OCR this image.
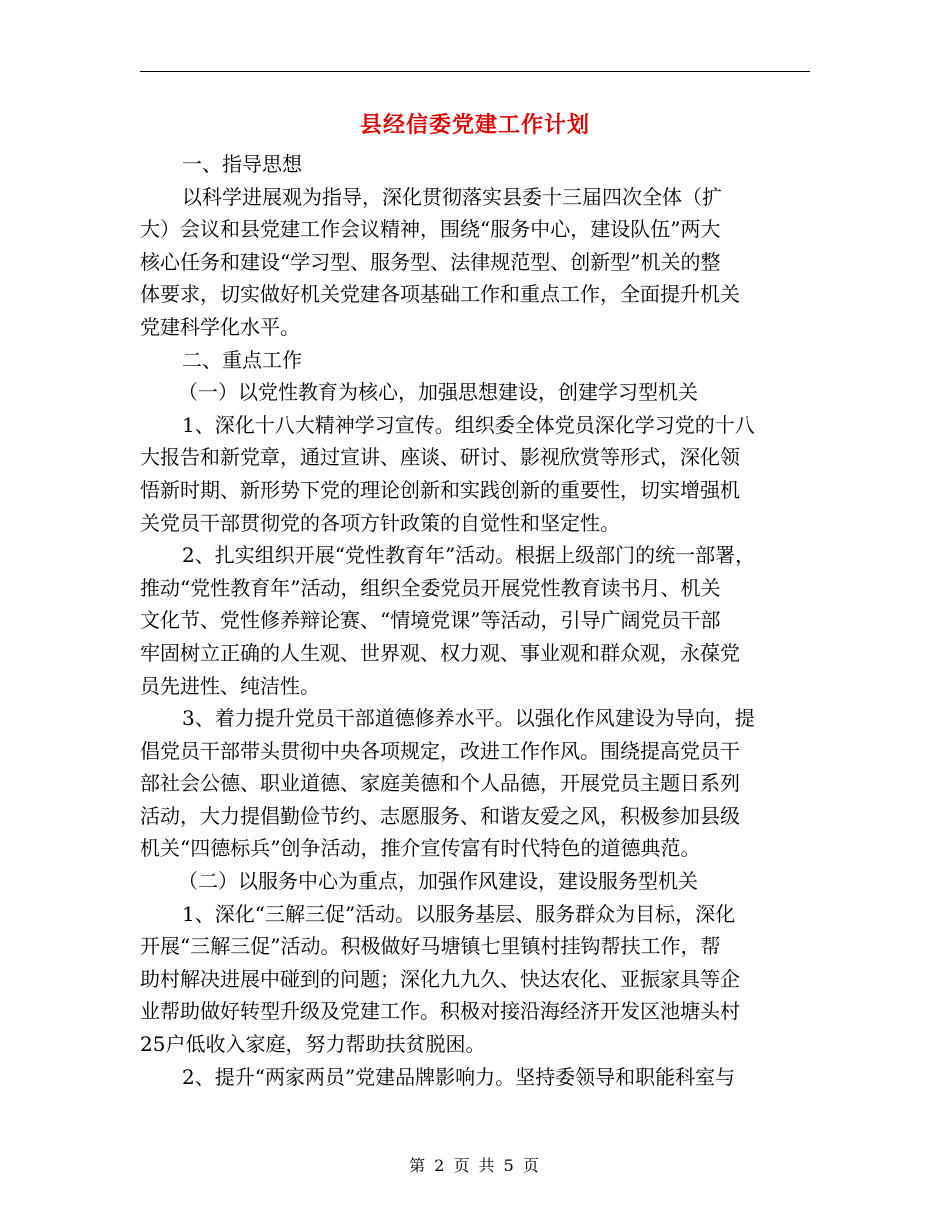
县经信委党建工作计划
一、指导思想
以科学进展观为指导，深化贯彻落实县委十三届四次全体（扩
大）会议和县党建工作会议精神，围绕“服务中心，建设队伍”两大
核心任务和建设“学习型、服务型、法律规范型、创新型”机关的整
体要求，切实做好机关党建各项基础工作和重点工作，全面提升机关
党建科学化水平。
二、重点工作
（一）以党性教育为核心，加强思想建设，创建学习型机关
1、深化十八大精神学习宣传。组织委全体党员深化学习党的十八
大报告和新党章，通过宣讲、座谈、研讨、影视欣赏等形式，深化领
悟新时期、新形势下党的理论创新和实践创新的重要性，切实增强机
关党员干部贯彻党的各项方针政策的自觉性和坚定性。
2、扎实组织开展“党性教育年”活动。根据上级部门的统一部署，
推动“党性教育年”活动，组织全委党员开展党性教育读书月、机关
文化节、党性修养辩论赛、“情境党课”等活动，引导广阔党员干部
牢固树立正确的人生观、世界观、权力观、事业观和群众观，永葆党
员先进性、纯洁性。
3、着力提升党员干部道德修养水平。以强化作风建设为导向，提
倡党员干部带头贯彻中央各项规定，改进工作作风。围绕提高党员干
部社会公德、职业道德、家庭美德和个人品德，开展党员主题日系列
活动，大力提倡勤俭节约、志愿服务、和谐友爱之风，积极参加县级
机关“四德标兵”创争活动，推介宣传富有时代特色的道德典范。
（二）以服务中心为重点，加强作风建设，建设服务型机关
1、深化“三解三促”活动。以服务基层、服务群众为目标，深化
开展“三解三促”活动。积极做好马塘镇七里镇村挂钩帮扶工作，帮
助村解决进展中碰到的问题；深化九九久、快达农化、亚振家具等企
业帮助做好转型升级及党建工作。积极对接沿海经济开发区池塘头村
25户低收入家庭，努力帮助扶贫脱困。
2、提升“两家两员”党建品牌影响力。坚持委领导和职能科室与
第 2 页 共 5 页
